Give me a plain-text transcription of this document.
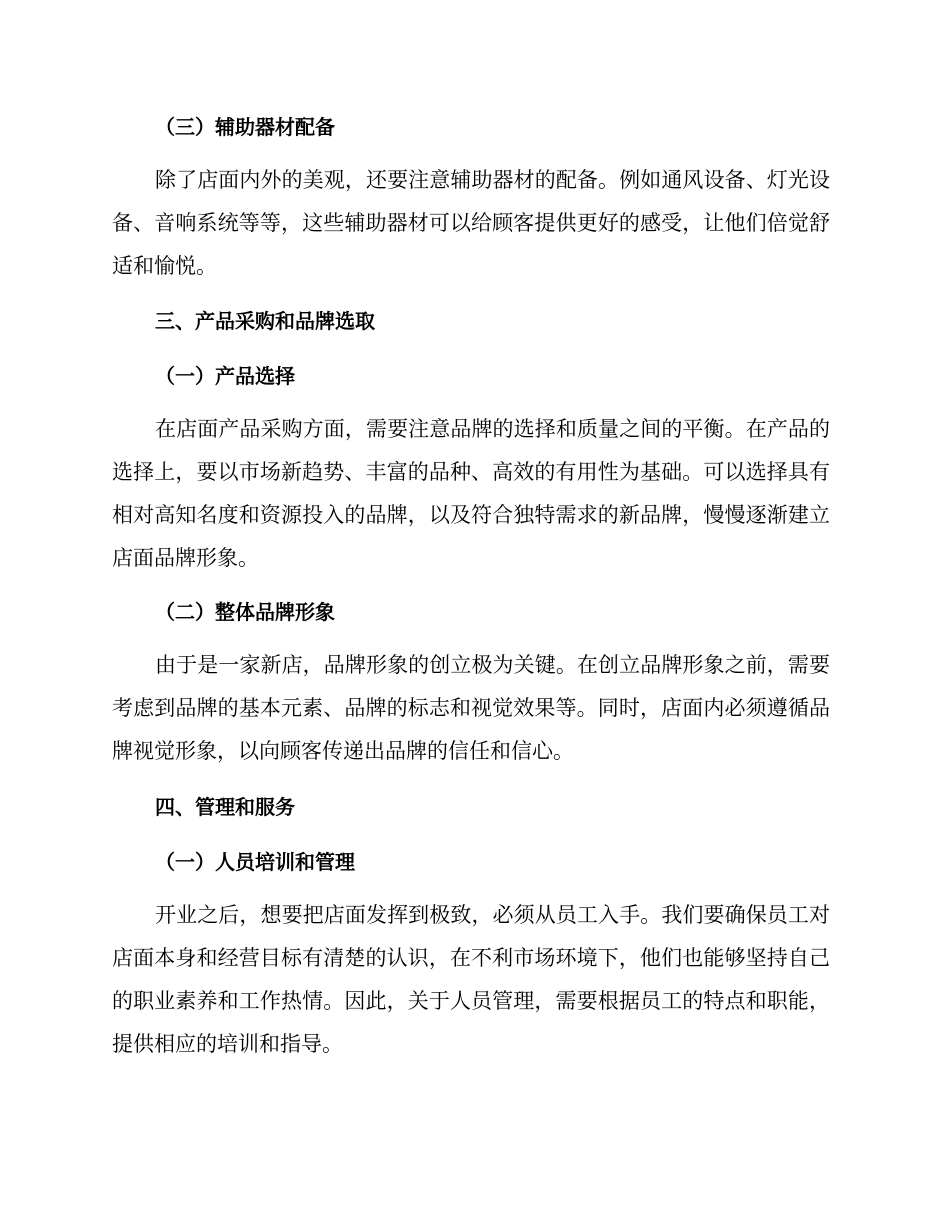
（三）辅助器材配备

除了店面内外的美观，还要注意辅助器材的配备。例如通风设备、灯光设备、音响系统等等，这些辅助器材可以给顾客提供更好的感受，让他们倍觉舒适和愉悦。

三、产品采购和品牌选取
（一）产品选择

在店面产品采购方面，需要注意品牌的选择和质量之间的平衡。在产品的选择上，要以市场新趋势、丰富的品种、高效的有用性为基础。可以选择具有相对高知名度和资源投入的品牌，以及符合独特需求的新品牌，慢慢逐渐建立店面品牌形象。

（二）整体品牌形象

由于是一家新店，品牌形象的创立极为关键。在创立品牌形象之前，需要考虑到品牌的基本元素、品牌的标志和视觉效果等。同时，店面内必须遵循品牌视觉形象，以向顾客传递出品牌的信任和信心。

四、管理和服务
（一）人员培训和管理

开业之后，想要把店面发挥到极致，必须从员工入手。我们要确保员工对店面本身和经营目标有清楚的认识，在不利市场环境下，他们也能够坚持自己的职业素养和工作热情。因此，关于人员管理，需要根据员工的特点和职能，提供相应的培训和指导。
